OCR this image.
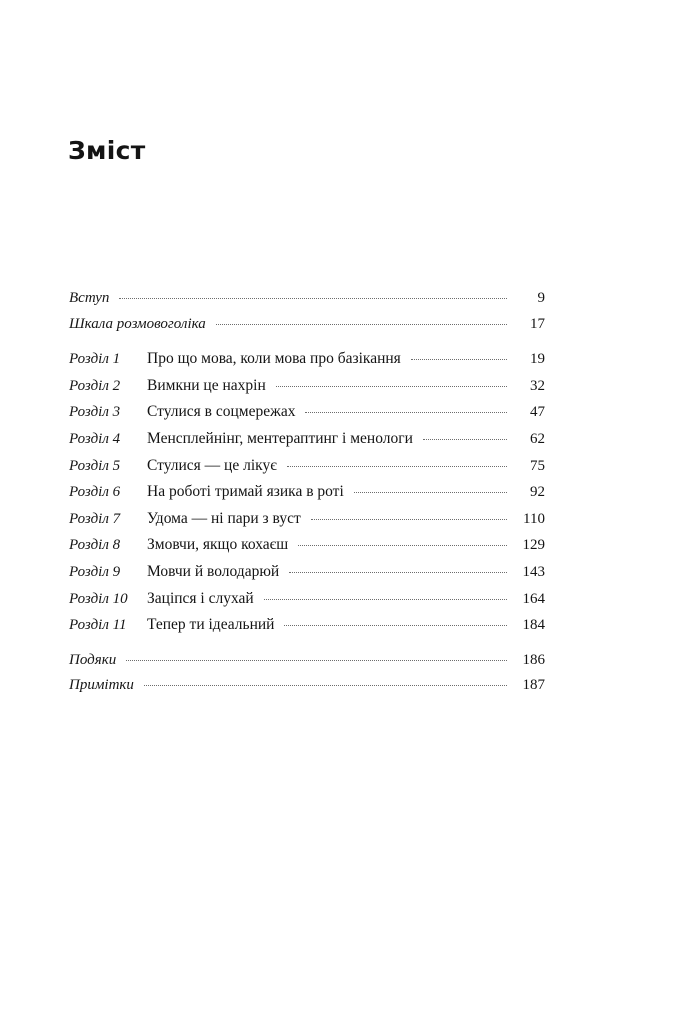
Зміст
Вступ	9
Шкала розмовоголіка	17
Розділ 1	Про що мова, коли мова про базікання	19
Розділ 2	Вимкни це нахрін	32
Розділ 3	Стулися в соцмережах	47
Розділ 4	Менсплейнінг, ментераптинг і менологи	62
Розділ 5	Стулися — це лікує	75
Розділ 6	На роботі тримай язика в роті	92
Розділ 7	Удома — ні пари з вуст	110
Розділ 8	Змовчи, якщо кохаєш	129
Розділ 9	Мовчи й володарюй	143
Розділ 10	Зацiпся і слухай	164
Розділ 11	Тепер ти ідеальний	184
Подяки	186
Примітки	187
